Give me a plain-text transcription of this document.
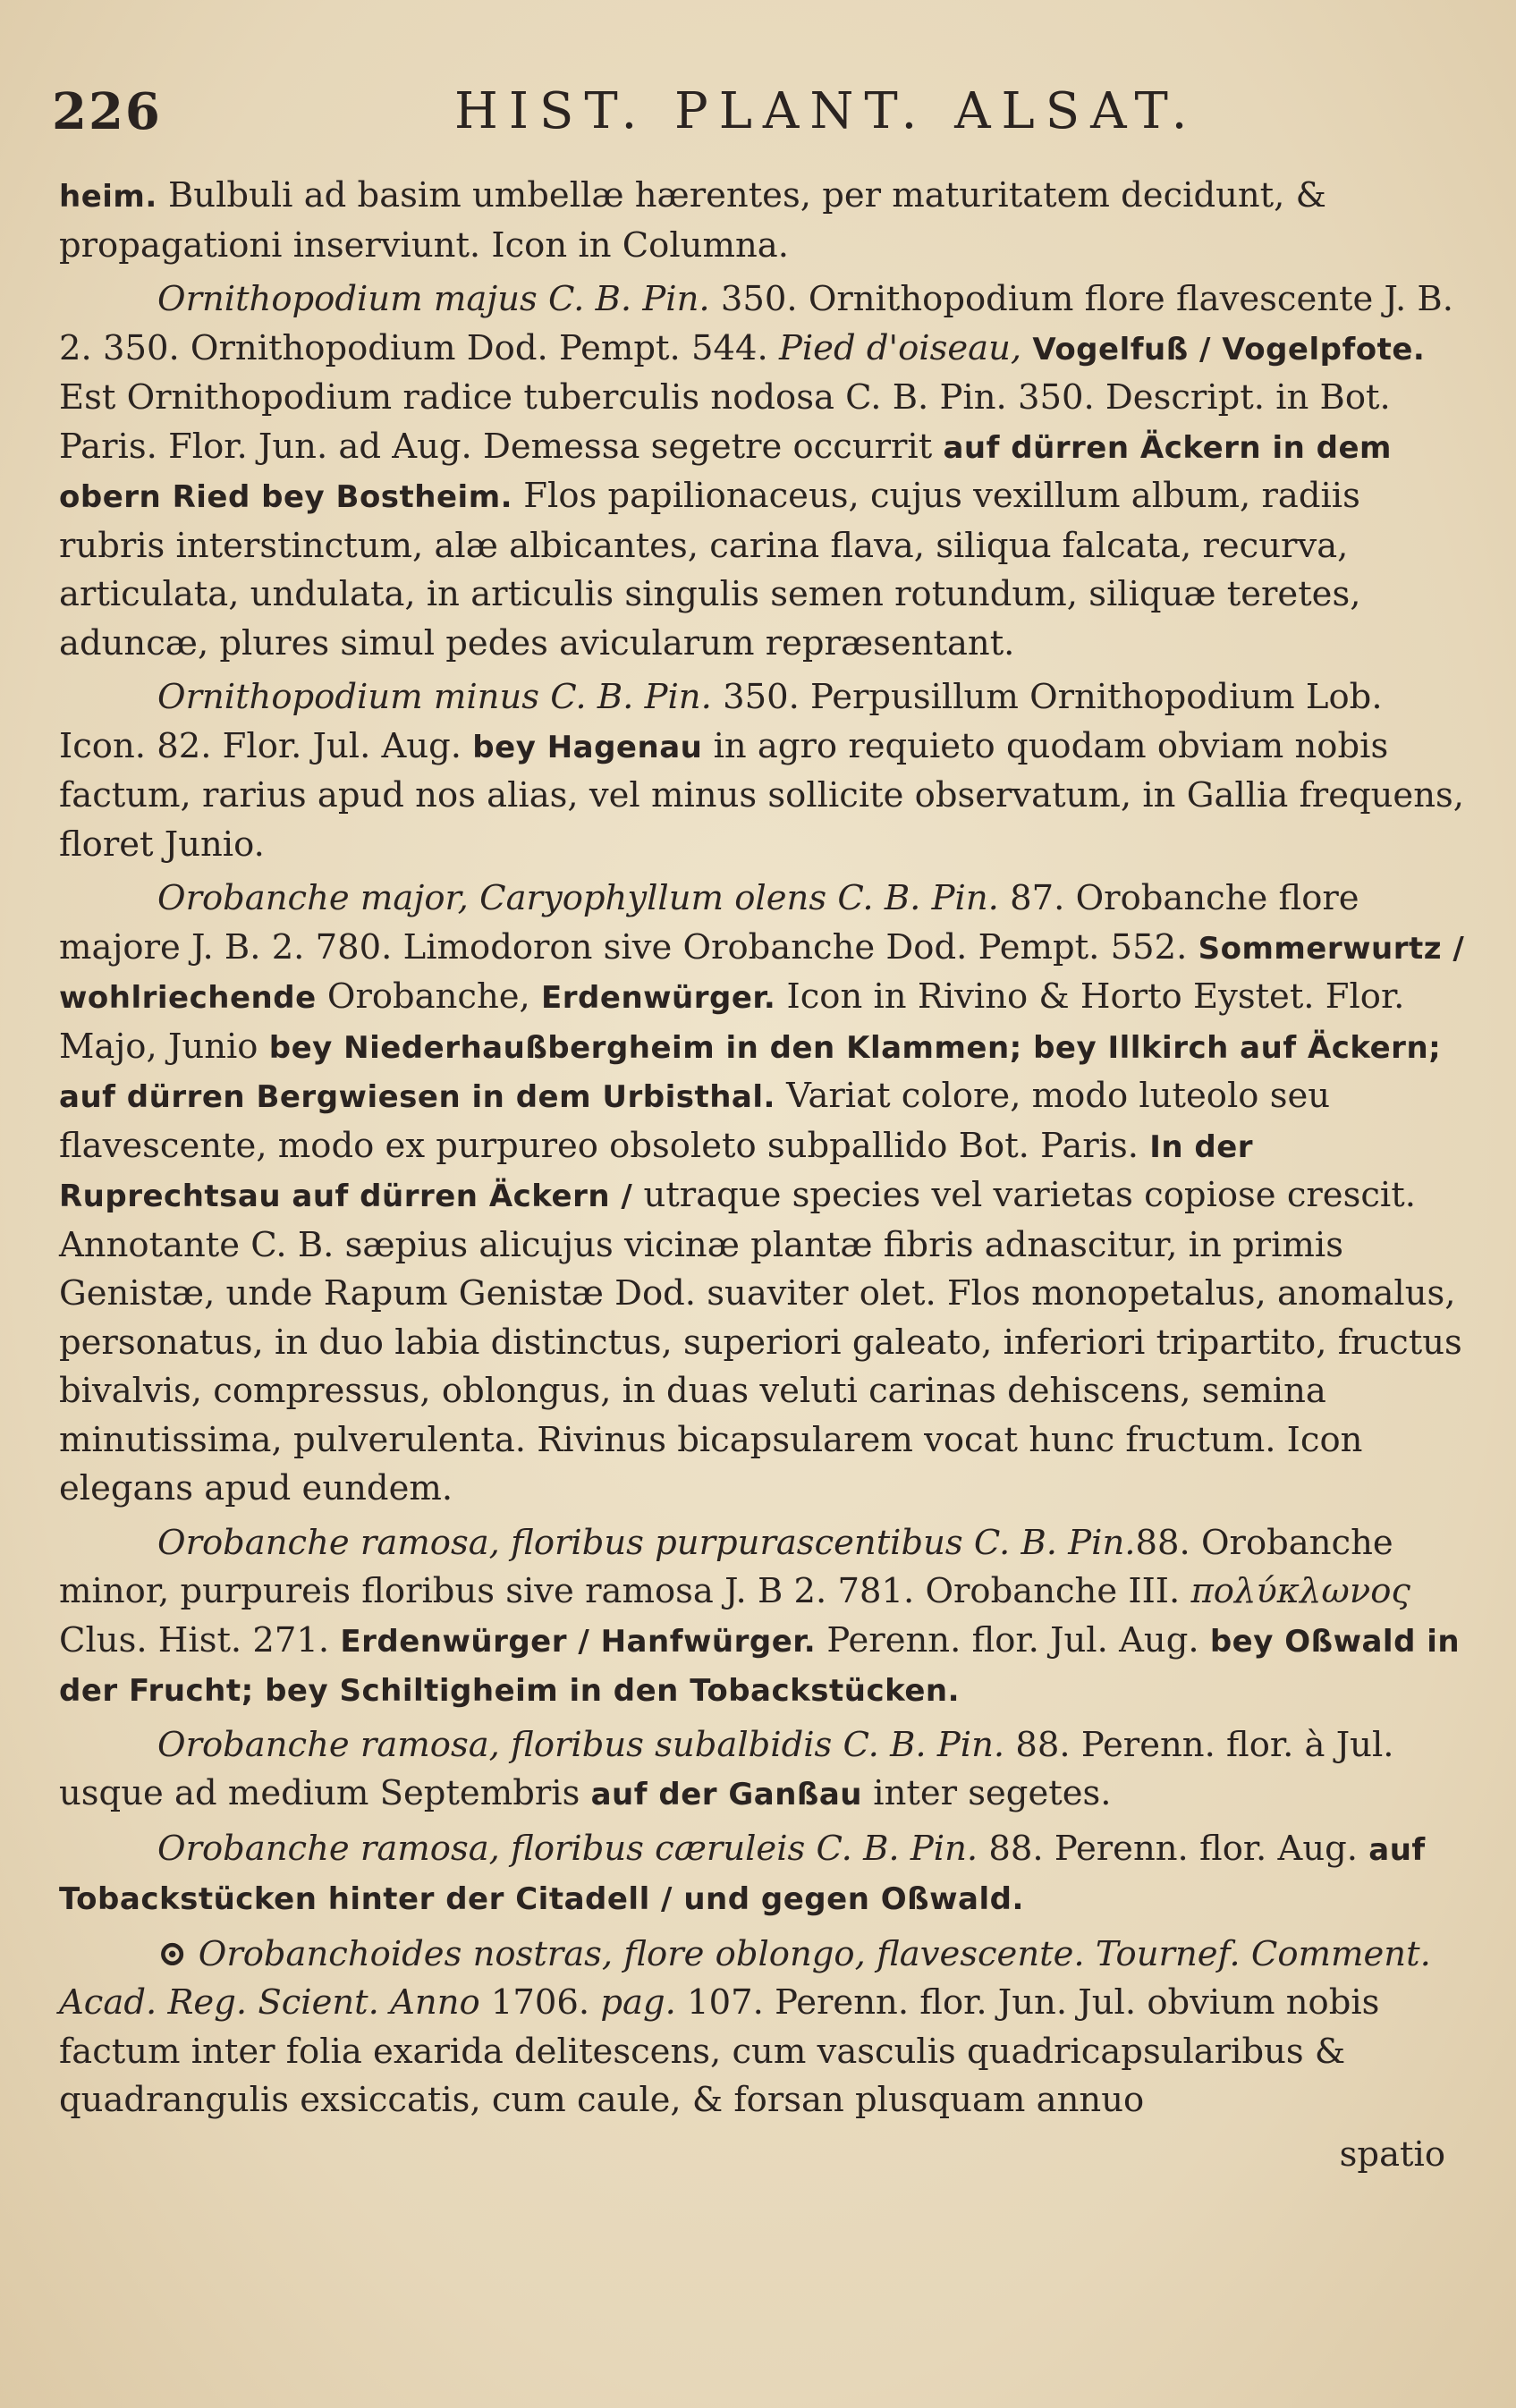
226	HIST. PLANT. ALSAT.

heim. Bulbuli ad basim umbellæ hærentes, per maturitatem decidunt, & propagationi inserviunt. Icon in Columna.

Ornithopodium majus C. B. Pin. 350. Ornithopodium flore flavescente J. B. 2. 350. Ornithopodium Dod. Pempt. 544. Pied d'oiseau, Vogelfuß / Vogelpfote. Est Ornithopodium radice tuberculis nodosa C. B. Pin. 350. Descript. in Bot. Paris. Flor. Jun. ad Aug. Demessa segetre occurrit auf dürren Äckern in dem obern Ried bey Bostheim. Flos papilionaceus, cujus vexillum album, radiis rubris interstinctum, alæ albicantes, carina flava, siliqua falcata, recurva, articulata, undulata, in articulis singulis semen rotundum, siliquæ teretes, aduncæ, plures simul pedes avicularum repræsentant.

Ornithopodium minus C. B. Pin. 350. Perpusillum Ornithopodium Lob. Icon. 82. Flor. Jul. Aug. bey Hagenau in agro requieto quodam obviam nobis factum, rarius apud nos alias, vel minus sollicite observatum, in Gallia frequens, floret Junio.

Orobanche major, Caryophyllum olens C. B. Pin. 87. Orobanche flore majore J. B. 2. 780. Limodoron sive Orobanche Dod. Pempt. 552. Sommerwurtz / wohlriechende Orobanche, Erdenwürger. Icon in Rivino & Horto Eystet. Flor. Majo, Junio bey Niederhaußbergheim in den Klammen; bey Illkirch auf Äckern; auf dürren Bergwiesen in dem Urbisthal. Variat colore, modo luteolo seu flavescente, modo ex purpureo obsoleto subpallido Bot. Paris. In der Ruprechtsau auf dürren Äckern / utraque species vel varietas copiose crescit. Annotante C. B. sæpius alicujus vicinæ plantæ fibris adnascitur, in primis Genistæ, unde Rapum Genistæ Dod. suaviter olet. Flos monopetalus, anomalus, personatus, in duo labia distinctus, superiori galeato, inferiori tripartito, fructus bivalvis, compressus, oblongus, in duas veluti carinas dehiscens, semina minutissima, pulverulenta. Rivinus bicapsularem vocat hunc fructum. Icon elegans apud eundem.

Orobanche ramosa, floribus purpurascentibus C. B. Pin.88. Orobanche minor, purpureis floribus sive ramosa J. B 2. 781. Orobanche III. πολύκλωνος Clus. Hist. 271. Erdenwürger / Hanfwürger. Perenn. flor. Jul. Aug. bey Oßwald in der Frucht; bey Schiltigheim in den Tobackstücken.

Orobanche ramosa, floribus subalbidis C. B. Pin. 88. Perenn. flor. à Jul. usque ad medium Septembris auf der Ganßau inter segetes.

Orobanche ramosa, floribus cæruleis C. B. Pin. 88. Perenn. flor. Aug. auf Tobackstücken hinter der Citadell / und gegen Oßwald.

⊙ Orobanchoides nostras, flore oblongo, flavescente. Tournef. Comment. Acad. Reg. Scient. Anno 1706. pag. 107. Perenn. flor. Jun. Jul. obvium nobis factum inter folia exarida delitescens, cum vasculis quadricapsularibus & quadrangulis exsiccatis, cum caule, & forsan plusquam annuo

spatio
